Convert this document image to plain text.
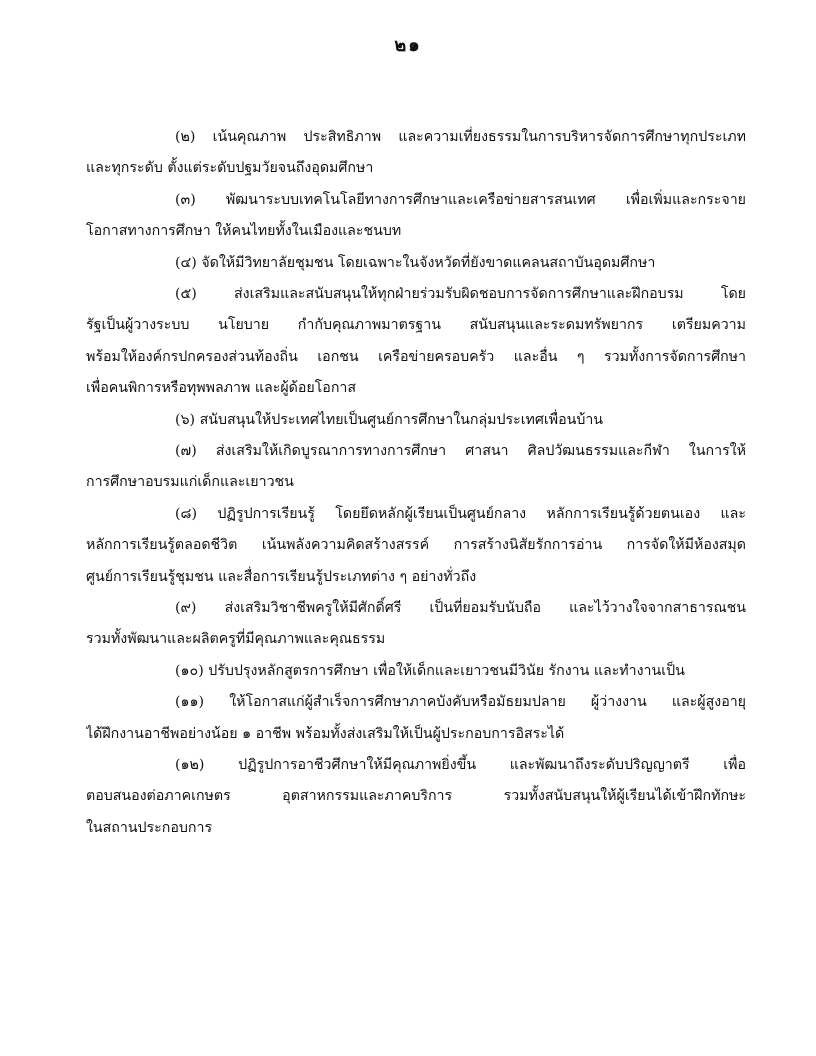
๒๑
(๒) เน้นคุณภาพ ประสิทธิภาพ และความเที่ยงธรรมในการบริหารจัดการศึกษาทุกประเภท
และทุกระดับ ตั้งแต่ระดับปฐมวัยจนถึงอุดมศึกษา
(๓) พัฒนาระบบเทคโนโลยีทางการศึกษาและเครือข่ายสารสนเทศ เพื่อเพิ่มและกระจาย
โอกาสทางการศึกษา ให้คนไทยทั้งในเมืองและชนบท
(๔) จัดให้มีวิทยาลัยชุมชน โดยเฉพาะในจังหวัดที่ยังขาดแคลนสถาบันอุดมศึกษา
(๕) ส่งเสริมและสนับสนุนให้ทุกฝ่ายร่วมรับผิดชอบการจัดการศึกษาและฝึกอบรม โดย
รัฐเป็นผู้วางระบบ นโยบาย กำกับคุณภาพมาตรฐาน สนับสนุนและระดมทรัพยากร เตรียมความ
พร้อมให้องค์กรปกครองส่วนท้องถิ่น เอกชน เครือข่ายครอบครัว และอื่น ๆ รวมทั้งการจัดการศึกษา
เพื่อคนพิการหรือทุพพลภาพ และผู้ด้อยโอกาส
(๖) สนับสนุนให้ประเทศไทยเป็นศูนย์การศึกษาในกลุ่มประเทศเพื่อนบ้าน
(๗) ส่งเสริมให้เกิดบูรณาการทางการศึกษา ศาสนา ศิลปวัฒนธรรมและกีฬา ในการให้
การศึกษาอบรมแก่เด็กและเยาวชน
(๘) ปฏิรูปการเรียนรู้ โดยยึดหลักผู้เรียนเป็นศูนย์กลาง หลักการเรียนรู้ด้วยตนเอง และ
หลักการเรียนรู้ตลอดชีวิต เน้นพลังความคิดสร้างสรรค์ การสร้างนิสัยรักการอ่าน การจัดให้มีห้องสมุด
ศูนย์การเรียนรู้ชุมชน และสื่อการเรียนรู้ประเภทต่าง ๆ อย่างทั่วถึง
(๙) ส่งเสริมวิชาชีพครูให้มีศักดิ์ศรี เป็นที่ยอมรับนับถือ และไว้วางใจจากสาธารณชน
รวมทั้งพัฒนาและผลิตครูที่มีคุณภาพและคุณธรรม
(๑๐) ปรับปรุงหลักสูตรการศึกษา เพื่อให้เด็กและเยาวชนมีวินัย รักงาน และทำงานเป็น
(๑๑) ให้โอกาสแก่ผู้สำเร็จการศึกษาภาคบังคับหรือมัธยมปลาย ผู้ว่างงาน และผู้สูงอายุ
ได้ฝึกงานอาชีพอย่างน้อย ๑ อาชีพ พร้อมทั้งส่งเสริมให้เป็นผู้ประกอบการอิสระได้
(๑๒) ปฏิรูปการอาชีวศึกษาให้มีคุณภาพยิ่งขึ้น และพัฒนาถึงระดับปริญญาตรี เพื่อ
ตอบสนองต่อภาคเกษตร อุตสาหกรรมและภาคบริการ รวมทั้งสนับสนุนให้ผู้เรียนได้เข้าฝึกทักษะ
ในสถานประกอบการ
